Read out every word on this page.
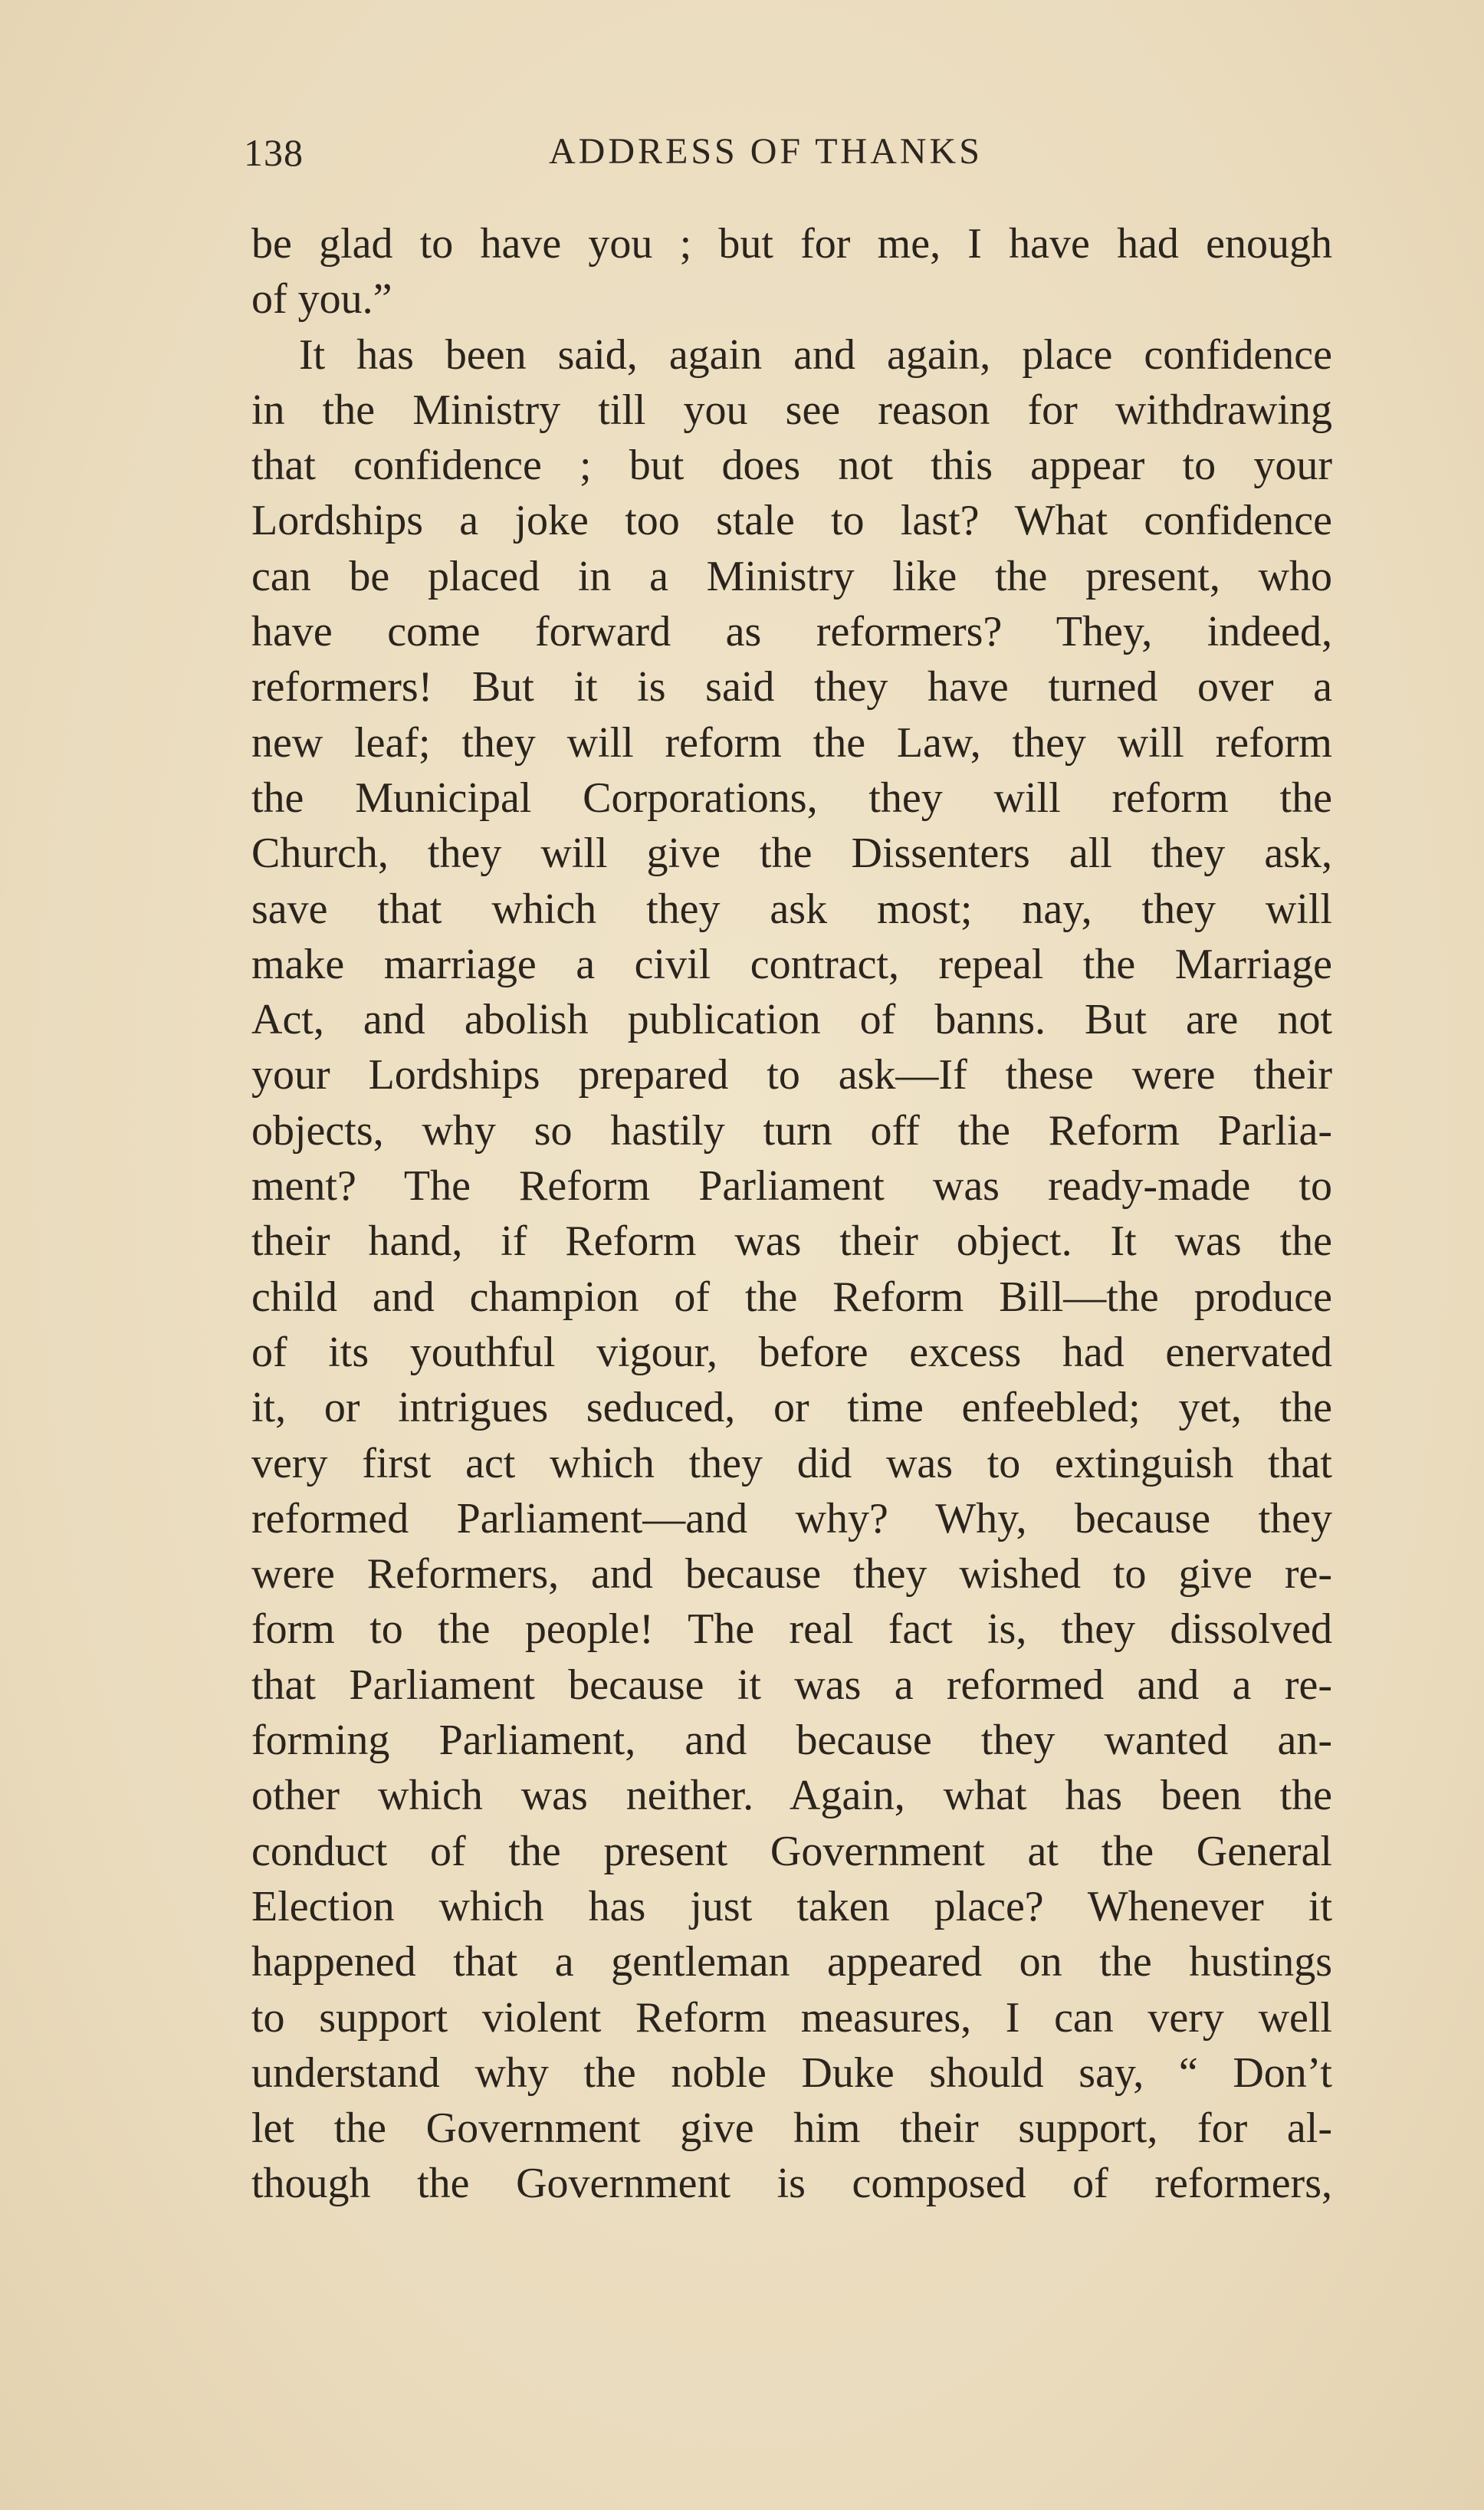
138	ADDRESS OF THANKS
be glad to have you ; but for me, I have had enough
of you.”
It has been said, again and again, place confidence
in the Ministry till you see reason for withdrawing
that confidence ; but does not this appear to your
Lordships a joke too stale to last? What confidence
can be placed in a Ministry like the present, who
have come forward as reformers? They, indeed,
reformers! But it is said they have turned over a
new leaf; they will reform the Law, they will reform
the Municipal Corporations, they will reform the
Church, they will give the Dissenters all they ask,
save that which they ask most; nay, they will
make marriage a civil contract, repeal the Marriage
Act, and abolish publication of banns. But are not
your Lordships prepared to ask—If these were their
objects, why so hastily turn off the Reform Parlia-
ment? The Reform Parliament was ready-made to
their hand, if Reform was their object. It was the
child and champion of the Reform Bill—the produce
of its youthful vigour, before excess had enervated
it, or intrigues seduced, or time enfeebled; yet, the
very first act which they did was to extinguish that
reformed Parliament—and why? Why, because they
were Reformers, and because they wished to give re-
form to the people! The real fact is, they dissolved
that Parliament because it was a reformed and a re-
forming Parliament, and because they wanted an-
other which was neither. Again, what has been the
conduct of the present Government at the General
Election which has just taken place? Whenever it
happened that a gentleman appeared on the hustings
to support violent Reform measures, I can very well
understand why the noble Duke should say, “ Don’t
let the Government give him their support, for al-
though the Government is composed of reformers,
